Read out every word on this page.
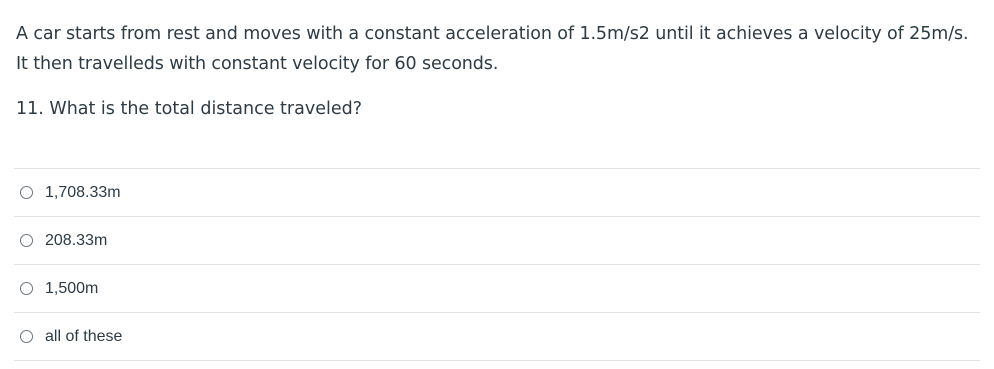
A car starts from rest and moves with a constant acceleration of 1.5m/s2 until it achieves a velocity of 25m/s.

It then travelleds with constant velocity for 60 seconds.

11. What is the total distance traveled?
1,708.33m
208.33m
1,500m
all of these
